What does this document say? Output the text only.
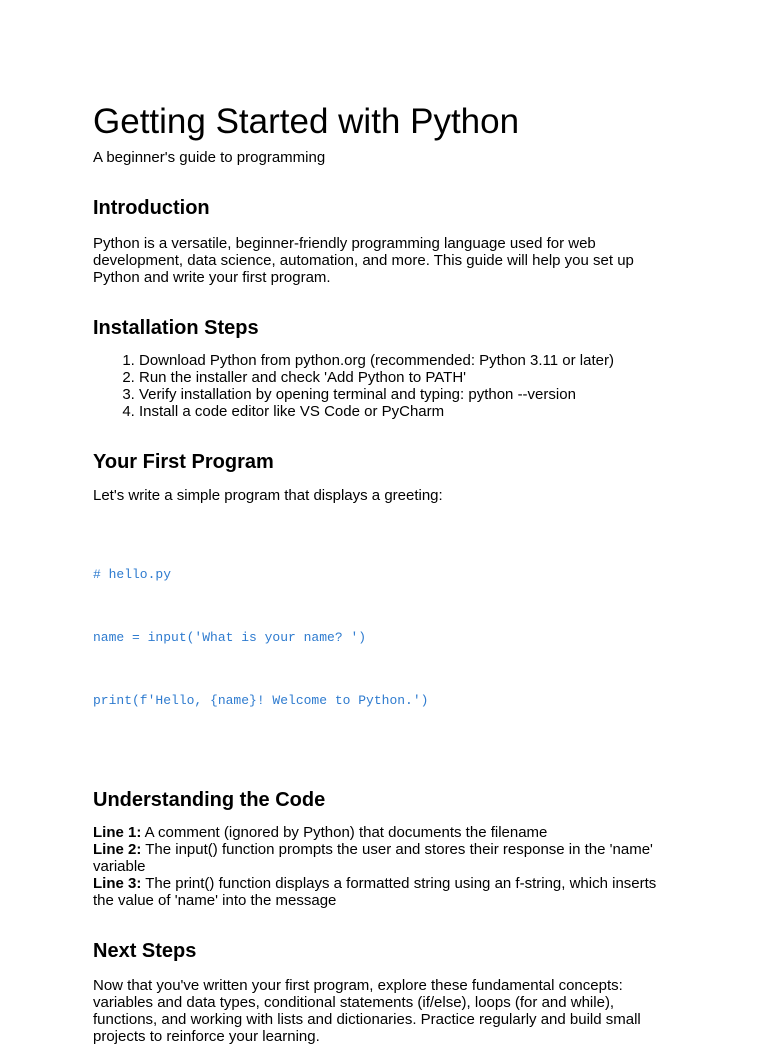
Getting Started with Python

A beginner's guide to programming

Introduction

Python is a versatile, beginner-friendly programming language used for web development, data science, automation, and more. This guide will help you set up Python and write your first program.

Installation Steps
1. Download Python from python.org (recommended: Python 3.11 or later)
2. Run the installer and check 'Add Python to PATH'
3. Verify installation by opening terminal and typing: python --version
4. Install a code editor like VS Code or PyCharm
Your First Program

Let's write a simple program that displays a greeting:

# hello.py

name = input('What is your name? ')

print(f'Hello, {name}! Welcome to Python.')

Understanding the Code

Line 1: A comment (ignored by Python) that documents the filename

Line 2: The input() function prompts the user and stores their response in the 'name' variable

Line 3: The print() function displays a formatted string using an f-string, which inserts the value of 'name' into the message

Next Steps

Now that you've written your first program, explore these fundamental concepts: variables and data types, conditional statements (if/else), loops (for and while), functions, and working with lists and dictionaries. Practice regularly and build small projects to reinforce your learning.
